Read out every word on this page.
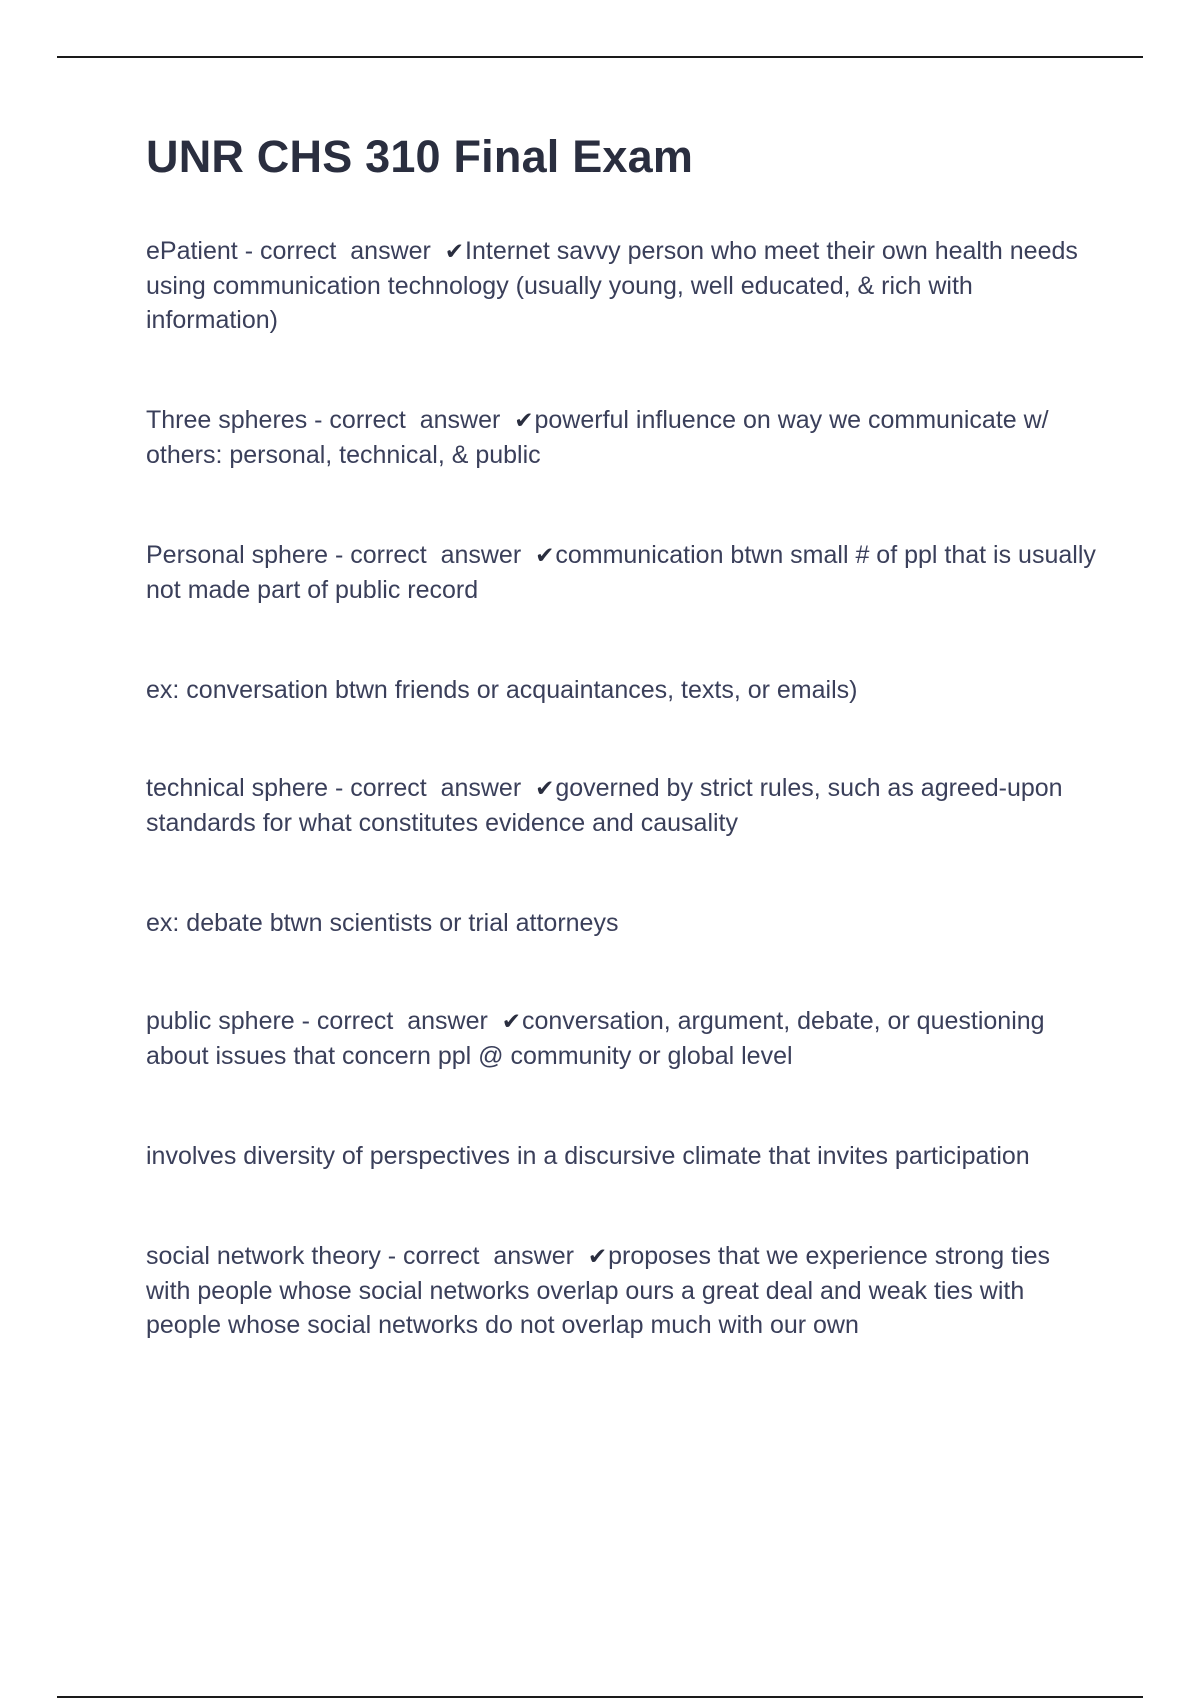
UNR CHS 310 Final Exam

ePatient - correct  answer  ✔Internet savvy person who meet their own health needs using communication technology (usually young, well educated, & rich with information)

Three spheres - correct  answer  ✔powerful influence on way we communicate w/ others: personal, technical, & public

Personal sphere - correct  answer  ✔communication btwn small # of ppl that is usually not made part of public record

ex: conversation btwn friends or acquaintances, texts, or emails)

technical sphere - correct  answer  ✔governed by strict rules, such as agreed-upon standards for what constitutes evidence and causality

ex: debate btwn scientists or trial attorneys

public sphere - correct  answer  ✔conversation, argument, debate, or questioning about issues that concern ppl @ community or global level

involves diversity of perspectives in a discursive climate that invites participation

social network theory - correct  answer  ✔proposes that we experience strong ties with people whose social networks overlap ours a great deal and weak ties with people whose social networks do not overlap much with our own
